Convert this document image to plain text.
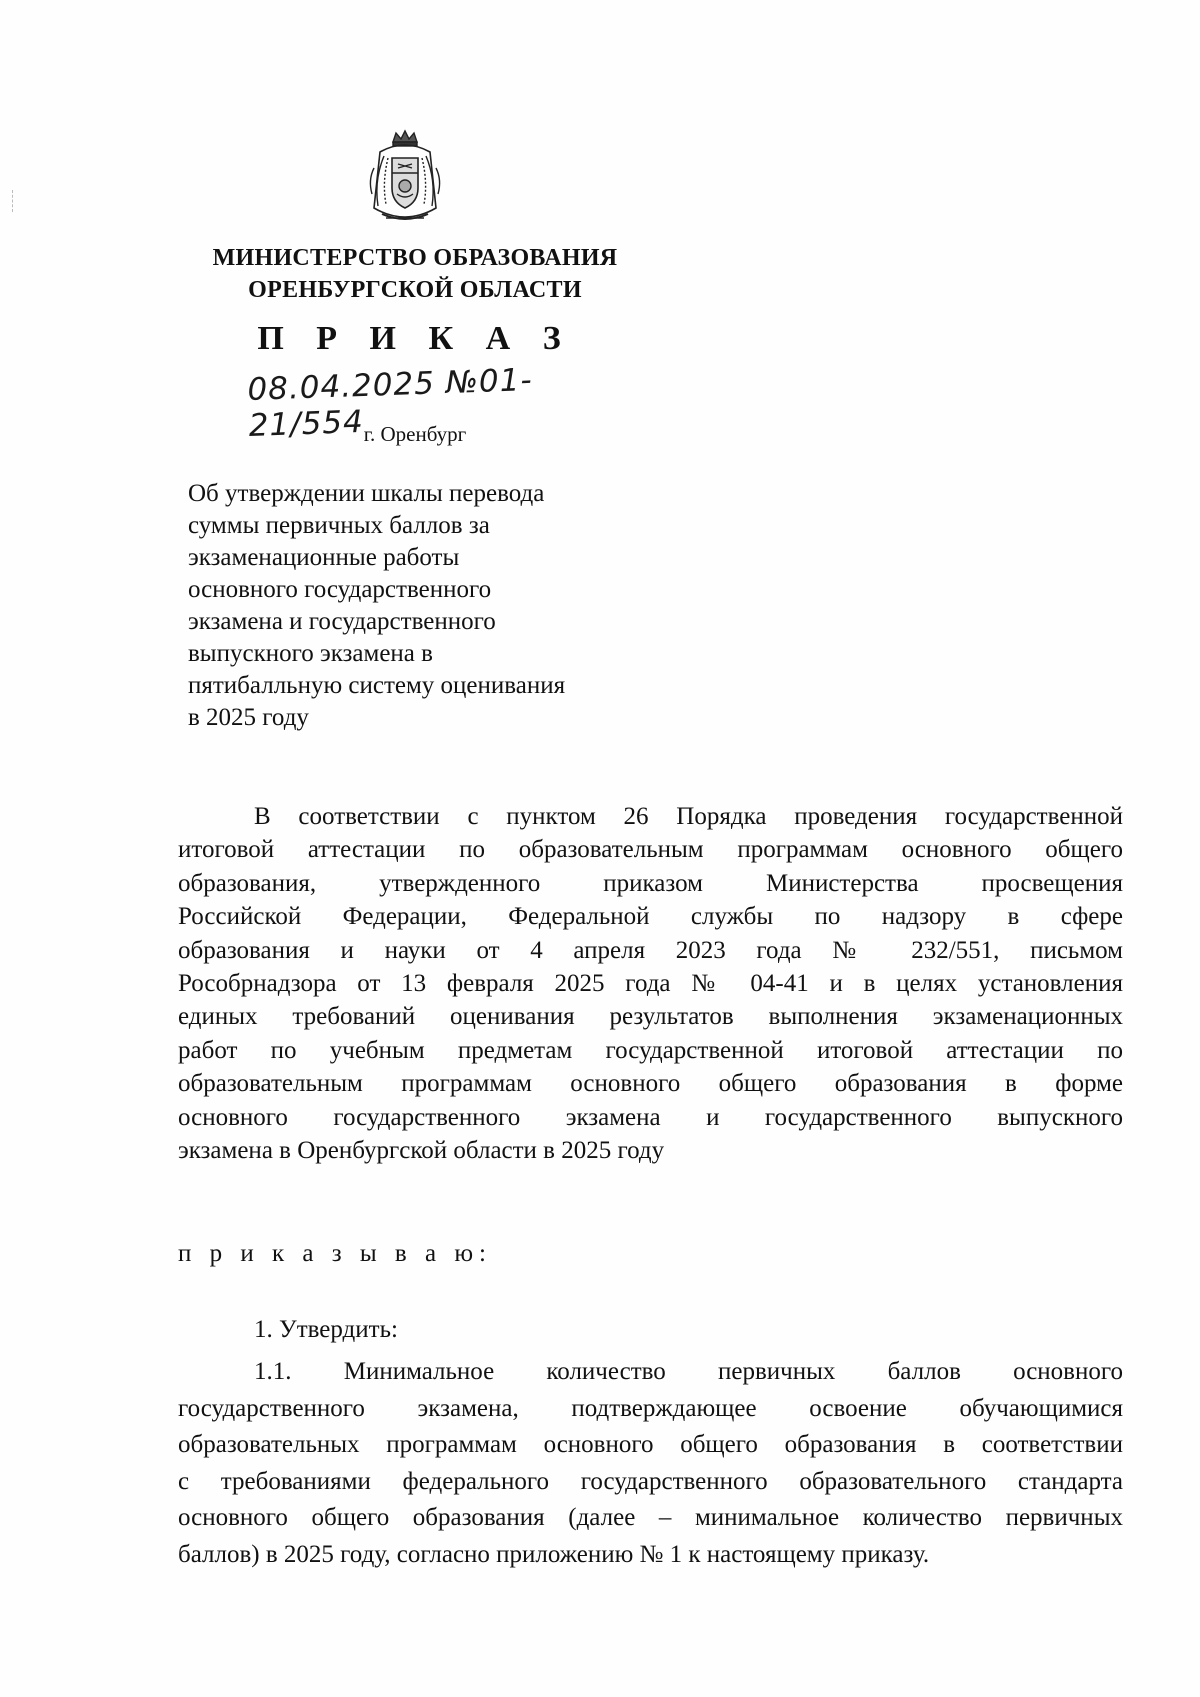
МИНИСТЕРСТВО ОБРАЗОВАНИЯ
ОРЕНБУРГСКОЙ ОБЛАСТИ
П Р И К А З
08.04.2025 №01-21/554 г. Оренбург
Об утверждении шкалы перевода
суммы первичных баллов за
экзаменационные работы
основного государственного
экзамена и государственного
выпускного экзамена в
пятибалльную систему оценивания
в 2025 году
В соответствии с пунктом 26 Порядка проведения государственной
итоговой аттестации по образовательным программам основного общего
образования, утвержденного приказом Министерства просвещения
Российской Федерации, Федеральной службы по надзору в сфере
образования и науки от 4 апреля 2023 года № 232/551, письмом
Рособрнадзора от 13 февраля 2025 года № 04-41 и в целях установления
единых требований оценивания результатов выполнения экзаменационных
работ по учебным предметам государственной итоговой аттестации по
образовательным программам основного общего образования в форме
основного государственного экзамена и государственного выпускного
экзамена в Оренбургской области в 2025 году
п р и к а з ы в а ю:
1. Утвердить:
1.1. Минимальное количество первичных баллов основного
государственного экзамена, подтверждающее освоение обучающимися
образовательных программам основного общего образования в соответствии
с требованиями федерального государственного образовательного стандарта
основного общего образования (далее – минимальное количество первичных
баллов) в 2025 году, согласно приложению № 1 к настоящему приказу.
